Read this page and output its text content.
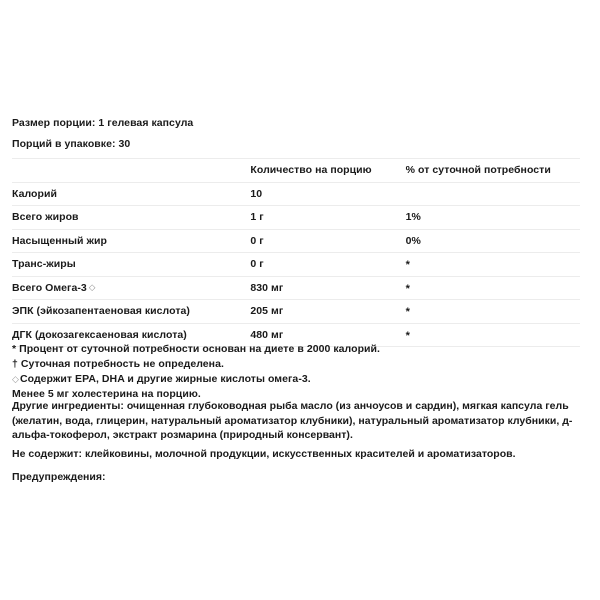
Размер порции: 1 гелевая капсула
Порций в упаковке: 30
	Количество на порцию	% от суточной потребности
Калорий	10	
Всего жиров	1 г	1%
Насыщенный жир	0 г	0%
Транс-жиры	0 г	*
Всего Омега-3 ◇	830 мг	*
ЭПК (эйкозапентаеновая кислота)	205 мг	*
ДГК (докозагексаеновая кислота)	480 мг	*
* Процент от суточной потребности основан на диете в 2000 калорий.
† Суточная потребность не определена.
◇Содержит EPA, DHA и другие жирные кислоты омега-3.
Менее 5 мг холестерина на порцию.
Другие ингредиенты: очищенная глубоководная рыба масло (из анчоусов и сардин), мягкая капсула гель (желатин, вода, глицерин, натуральный ароматизатор клубники), натуральный ароматизатор клубники, д-альфа-токоферол, экстракт розмарина (природный консервант).
Не содержит: клейковины, молочной продукции, искусственных красителей и ароматизаторов.
Предупреждения:
